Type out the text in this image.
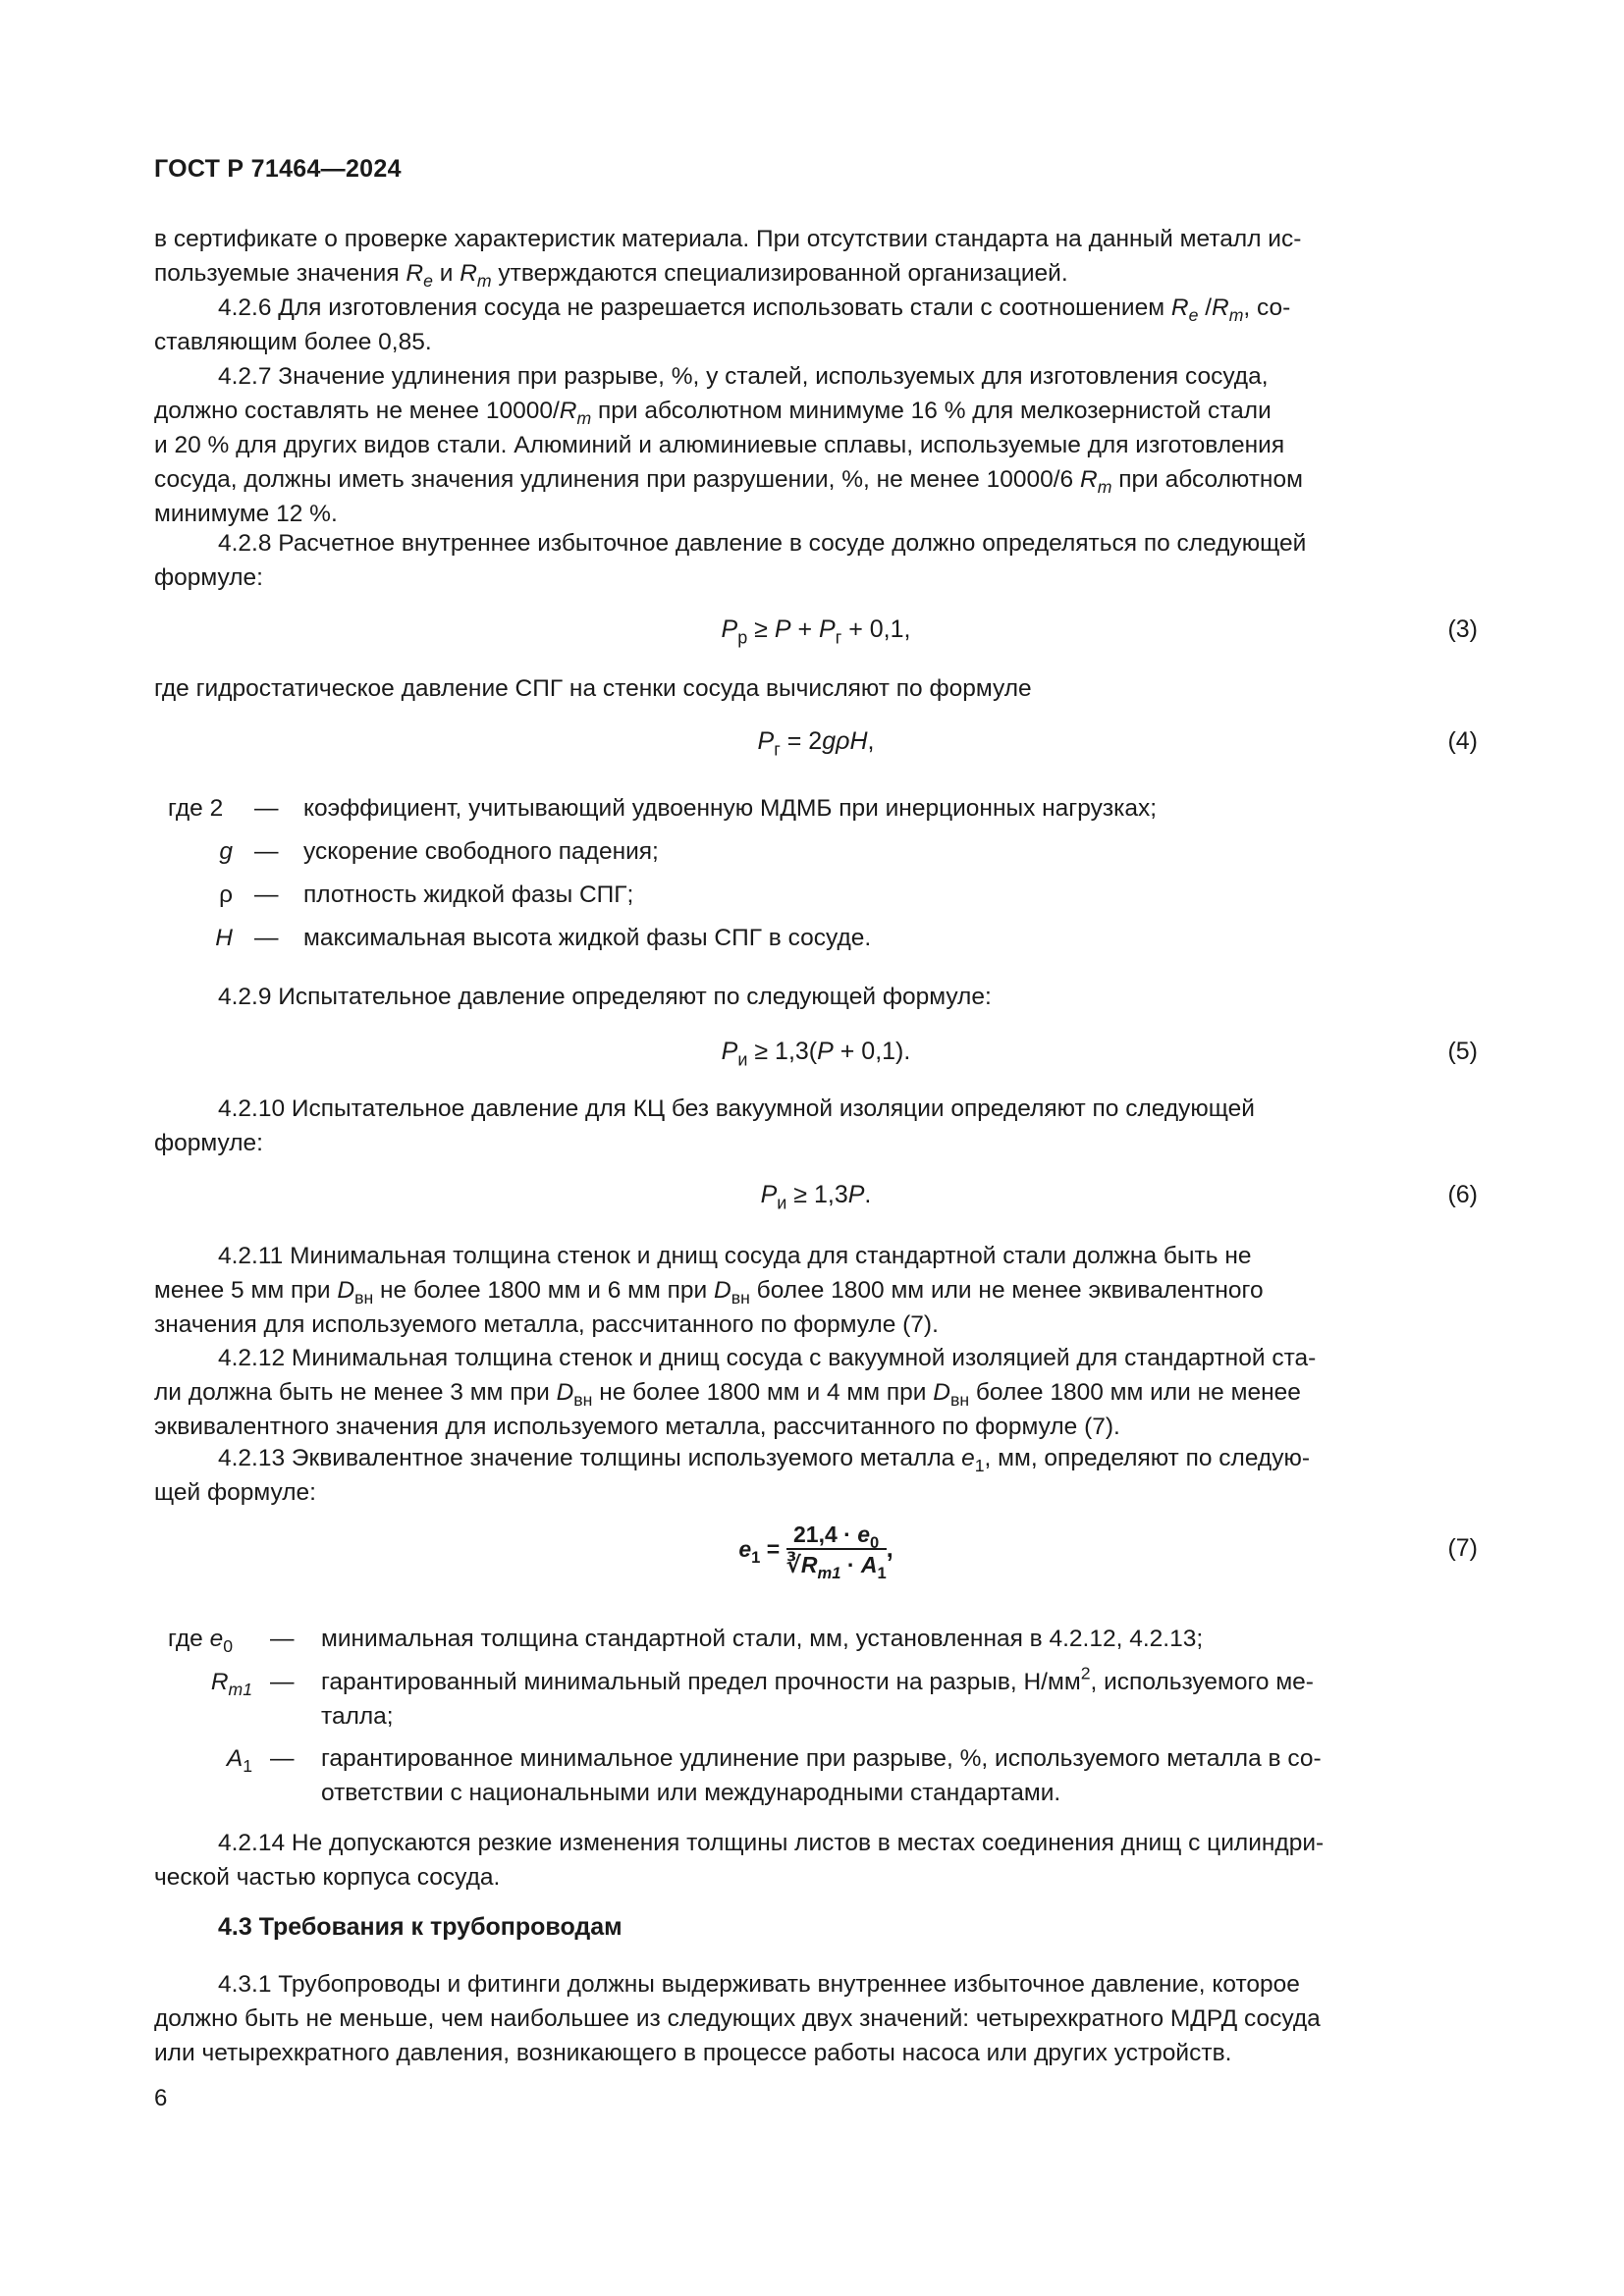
ГОСТ Р 71464—2024
в сертификате о проверке характеристик материала. При отсутствии стандарта на данный металл ис-
пользуемые значения $R_e$ и $R_m$ утверждаются специализированной организацией.
4.2.6 Для изготовления сосуда не разрешается использовать стали с соотношением $R_e$ $/R_m$, со-
ставляющим более 0,85.
4.2.7 Значение удлинения при разрыве, %, у сталей, используемых для изготовления сосуда,
должно составлять не менее $10000/R_m$ при абсолютном минимуме 16 % для мелкозернистой стали
и 20 % для других видов стали. Алюминий и алюминиевые сплавы, используемые для изготовления
сосуда, должны иметь значения удлинения при разрушении, %, не менее 10000/6 $R_m$ при абсолютном
минимуме 12 %.
4.2.8 Расчетное внутреннее избыточное давление в сосуде должно определяться по следующей
формуле:
$P_р \ge P + P_г + 0,1$,	(3)
где гидростатическое давление СПГ на стенки сосуда вычисляют по формуле
$P_г = 2g\rho H$,	(4)
где 2	— коэффициент, учитывающий удвоенную МДМБ при инерционных нагрузках;
g — ускорение свободного падения;
ρ — плотность жидкой фазы СПГ;
H — максимальная высота жидкой фазы СПГ в сосуде.
4.2.9 Испытательное давление определяют по следующей формуле:
$P_и \ge 1,3(P + 0,1)$.	(5)
4.2.10 Испытательное давление для КЦ без вакуумной изоляции определяют по следующей
формуле:
$P_и \ge 1,3P$.	(6)
4.2.11 Минимальная толщина стенок и днищ сосуда для стандартной стали должна быть не
менее 5 мм при $D_{вн}$ не более 1800 мм и 6 мм при $D_{вн}$ более 1800 мм или не менее эквивалентного
значения для используемого металла, рассчитанного по формуле (7).
4.2.12 Минимальная толщина стенок и днищ сосуда с вакуумной изоляцией для стандартной ста-
ли должна быть не менее 3 мм при $D_{вн}$ не более 1800 мм и 4 мм при $D_{вн}$ более 1800 мм или не менее
эквивалентного значения для используемого металла, рассчитанного по формуле (7).
4.2.13 Эквивалентное значение толщины используемого металла $e_1$, мм, определяют по следую-
щей формуле:
$e_1 = \frac{21,4 \cdot e_0}{∛R_{m1} \cdot A_1}$ ,	(7)
где $e_0$	— минимальная толщина стандартной стали, мм, установленная в 4.2.12, 4.2.13;
$R_{m1}$ — гарантированный минимальный предел прочности на разрыв, $Н/мм^2$, используемого ме-
талла;
$A_1$ — гарантированное минимальное удлинение при разрыве, %, используемого металла в со-
ответствии с национальными или международными стандартами.
4.2.14 Не допускаются резкие изменения толщины листов в местах соединения днищ с цилиндри-
ческой частью корпуса сосуда.
4.3 Требования к трубопроводам
4.3.1 Трубопроводы и фитинги должны выдерживать внутреннее избыточное давление, которое
должно быть не меньше, чем наибольшее из следующих двух значений: четырехкратного МДРД сосуда
или четырехкратного давления, возникающего в процессе работы насоса или других устройств.
6
